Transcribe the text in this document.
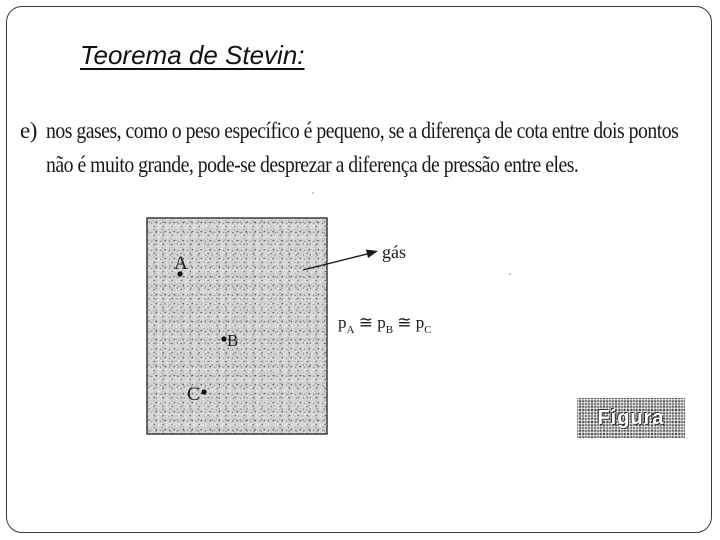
Teorema de Stevin:
e) nos gases, como o peso específico é pequeno, se a diferença de cota entre dois pontos
não é muito grande, pode-se desprezar a diferença de pressão entre eles.
A
B
C
gás
$p_A$ ≅ $p_B$ ≅ $p_C$
Figura
